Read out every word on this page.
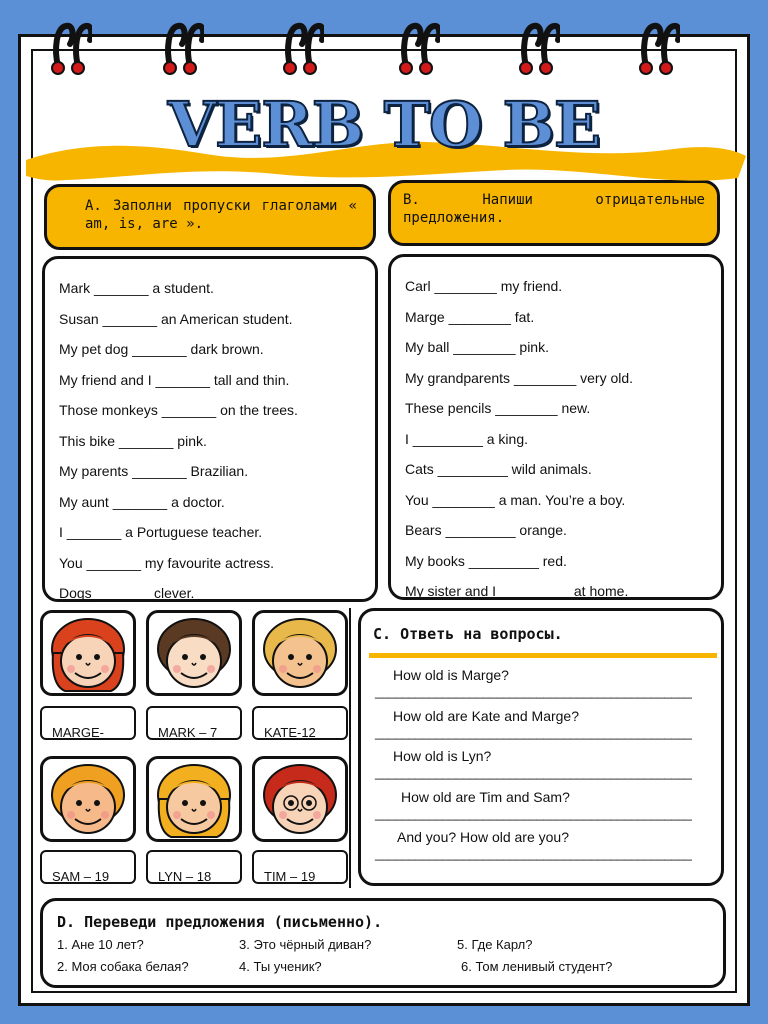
VERB TO BE
A. Заполни пропуски глаголами « am, is, are ».
B. Напиши отрицательные предложения.
Mark _______ a student.
Susan _______ an American student.
My pet dog _______ dark brown.
My friend and I _______ tall and thin.
Those monkeys _______ on the trees.
This bike _______ pink.
My parents _______ Brazilian.
My aunt _______ a doctor.
I _______ a Portuguese teacher.
You _______ my favourite actress.
Dogs _______ clever.
Carl ________ my friend.
Marge ________ fat.
My ball ________ pink.
My grandparents ________ very old.
These pencils ________ new.
I _________ a king.
Cats _________ wild animals.
You ________ a man. You’re a boy.
Bears _________ orange.
My books _________ red.
My sister and I _________ at home.
MARGE-	MARK – 7	KATE-12
SAM – 19	LYN – 18	TIM – 19
C. Ответь на вопросы.
How old is Marge?
_______________________________________________
How old are Kate and Marge?
_______________________________________________
How old is Lyn?
_______________________________________________
How old are Tim and Sam?
_______________________________________________
And you? How old are you?
_______________________________________________
D. Переведи предложения (письменно).
1. Ане 10 лет?	3. Это чёрный диван?	5. Где Карл?
2. Моя собака белая?	4. Ты ученик?	6. Том ленивый студент?
